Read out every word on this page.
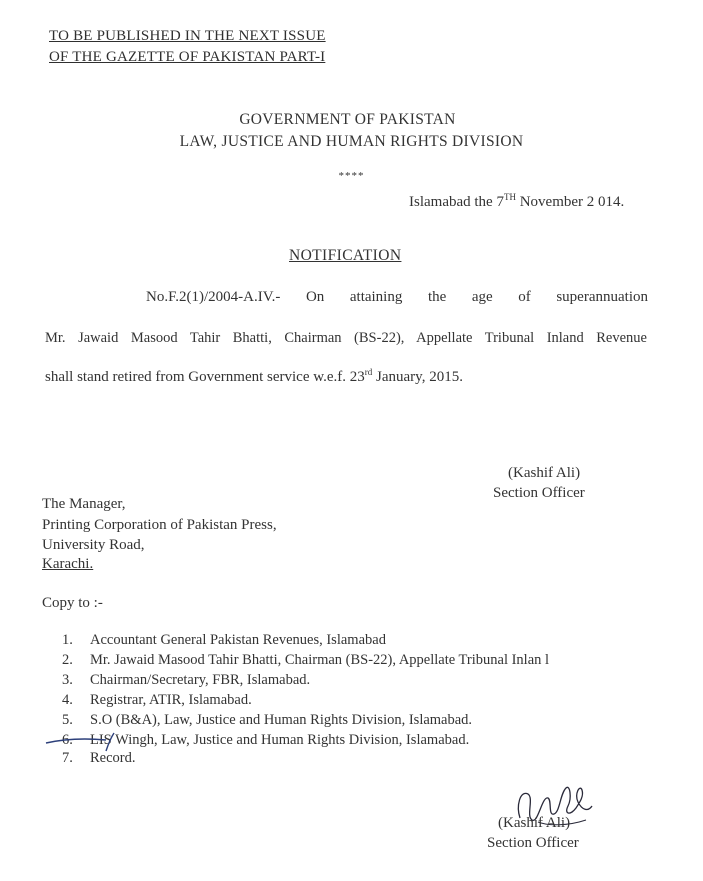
TO BE PUBLISHED IN THE NEXT ISSUE
OF THE GAZETTE OF PAKISTAN PART-I
GOVERNMENT OF PAKISTAN
LAW, JUSTICE AND HUMAN RIGHTS DIVISION
****
Islamabad the 7TH November 2 014.
NOTIFICATION
No.F.2(1)/2004-A.IV.- On attaining the age of superannuation
Mr. Jawaid Masood Tahir Bhatti, Chairman (BS-22), Appellate Tribunal Inland Revenue
shall stand retired from Government service w.e.f. 23rd January, 2015.
(Kashif Ali)
Section Officer
The Manager,
Printing Corporation of Pakistan Press,
University Road,
Karachi.
Copy to :-
1. Accountant General Pakistan Revenues, Islamabad
2. Mr. Jawaid Masood Tahir Bhatti, Chairman (BS-22), Appellate Tribunal Inlan l
3. Chairman/Secretary, FBR, Islamabad.
4. Registrar, ATIR, Islamabad.
5. S.O (B&A), Law, Justice and Human Rights Division, Islamabad.
6. LIS Wingh, Law, Justice and Human Rights Division, Islamabad.
7. Record.
(Kashif Ali)
Section Officer
